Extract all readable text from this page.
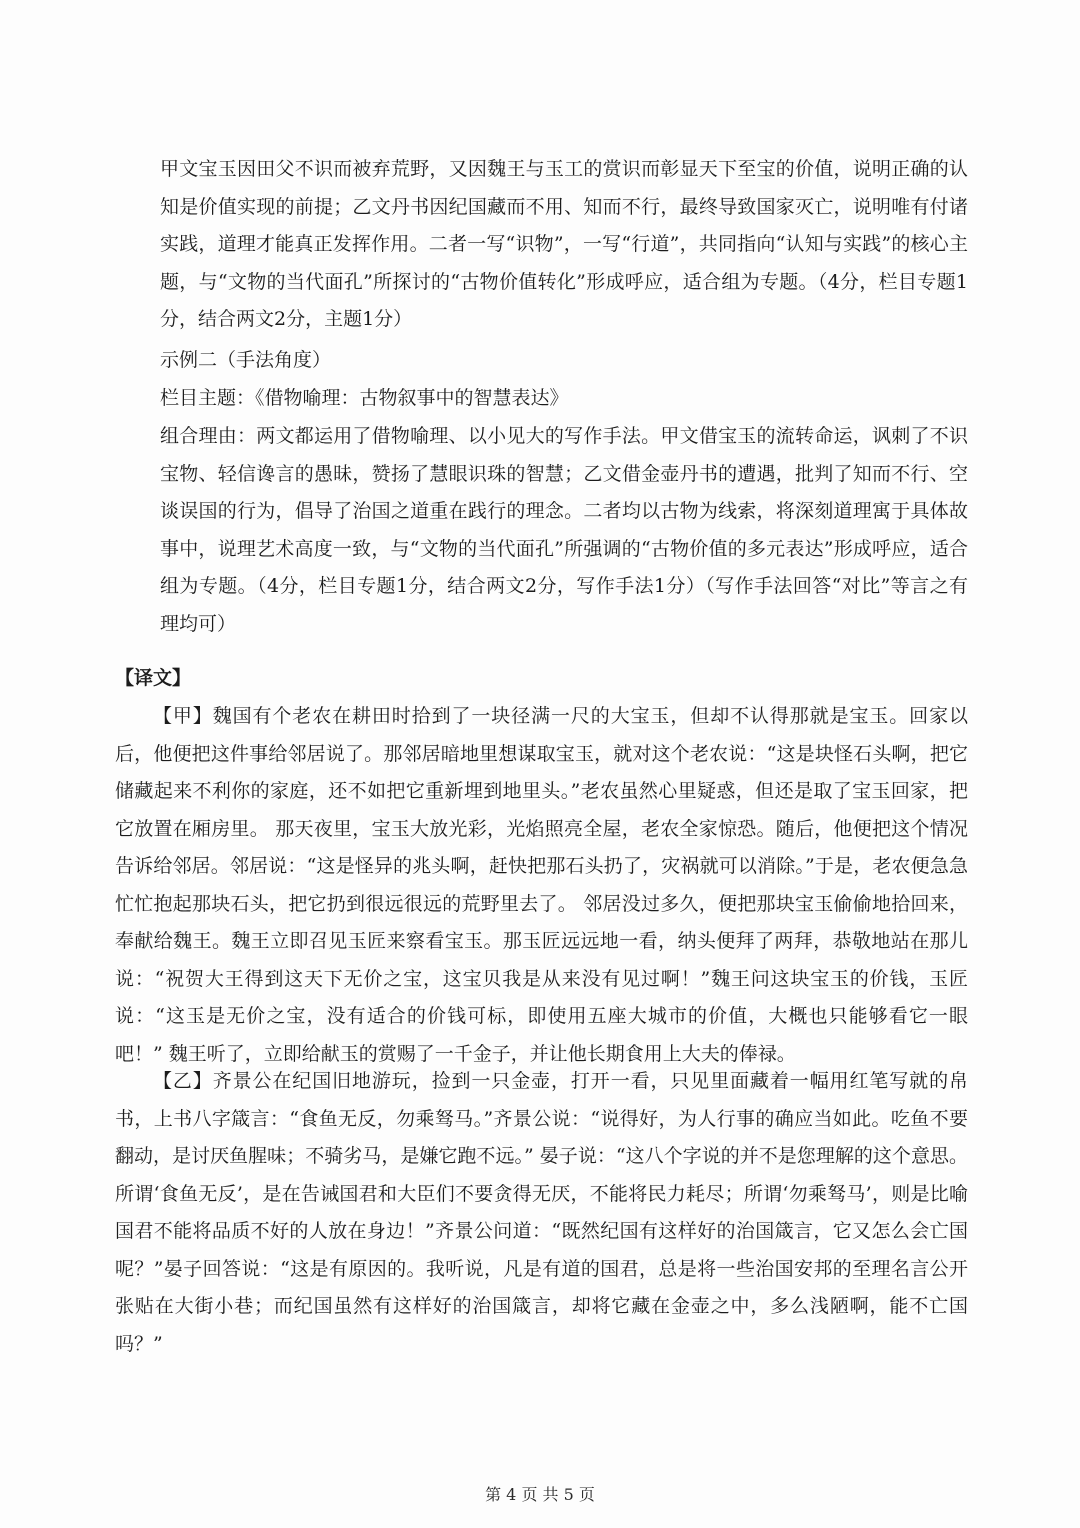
甲文宝玉因田父不识而被弃荒野，又因魏王与玉工的赏识而彰显天下至宝的价值，说明正确的认知是价值实现的前提；乙文丹书因纪国藏而不用、知而不行，最终导致国家灭亡，说明唯有付诸实践，道理才能真正发挥作用。二者一写“识物”，一写“行道”，共同指向“认知与实践”的核心主题，与“文物的当代面孔”所探讨的“古物价值转化”形成呼应，适合组为专题。（4分，栏目专题1分，结合两文2分，主题1分）

示例二（手法角度）

栏目主题：《借物喻理：古物叙事中的智慧表达》

组合理由：两文都运用了借物喻理、以小见大的写作手法。甲文借宝玉的流转命运，讽刺了不识宝物、轻信谗言的愚昧，赞扬了慧眼识珠的智慧；乙文借金壶丹书的遭遇，批判了知而不行、空谈误国的行为，倡导了治国之道重在践行的理念。二者均以古物为线索，将深刻道理寓于具体故事中，说理艺术高度一致，与“文物的当代面孔”所强调的“古物价值的多元表达”形成呼应，适合组为专题。（4分，栏目专题1分，结合两文2分，写作手法1分）（写作手法回答“对比”等言之有理均可）

【译文】

【甲】魏国有个老农在耕田时拾到了一块径满一尺的大宝玉，但却不认得那就是宝玉。回家以后，他便把这件事给邻居说了。那邻居暗地里想谋取宝玉，就对这个老农说：“这是块怪石头啊，把它储藏起来不利你的家庭，还不如把它重新埋到地里头。”老农虽然心里疑惑，但还是取了宝玉回家，把它放置在厢房里。 那天夜里，宝玉大放光彩，光焰照亮全屋，老农全家惊恐。随后，他便把这个情况告诉给邻居。邻居说：“这是怪异的兆头啊，赶快把那石头扔了，灾祸就可以消除。”于是，老农便急急忙忙抱起那块石头，把它扔到很远很远的荒野里去了。 邻居没过多久，便把那块宝玉偷偷地拾回来，奉献给魏王。魏王立即召见玉匠来察看宝玉。那玉匠远远地一看，纳头便拜了两拜，恭敬地站在那儿说：“祝贺大王得到这天下无价之宝，这宝贝我是从来没有见过啊！”魏王问这块宝玉的价钱，玉匠说：“这玉是无价之宝，没有适合的价钱可标，即使用五座大城市的价值，大概也只能够看它一眼吧！” 魏王听了，立即给献玉的赏赐了一千金子，并让他长期食用上大夫的俸禄。

【乙】齐景公在纪国旧地游玩，捡到一只金壶，打开一看，只见里面藏着一幅用红笔写就的帛书，上书八字箴言：“食鱼无反，勿乘驽马。”齐景公说：“说得好，为人行事的确应当如此。吃鱼不要翻动，是讨厌鱼腥味；不骑劣马，是嫌它跑不远。” 晏子说：“这八个字说的并不是您理解的这个意思。所谓‘食鱼无反’，是在告诫国君和大臣们不要贪得无厌，不能将民力耗尽；所谓‘勿乘驽马’，则是比喻国君不能将品质不好的人放在身边！”齐景公问道：“既然纪国有这样好的治国箴言，它又怎么会亡国呢？”晏子回答说：“这是有原因的。我听说，凡是有道的国君，总是将一些治国安邦的至理名言公开张贴在大街小巷；而纪国虽然有这样好的治国箴言，却将它藏在金壶之中，多么浅陋啊，能不亡国吗？”

第 4 页 共 5 页
